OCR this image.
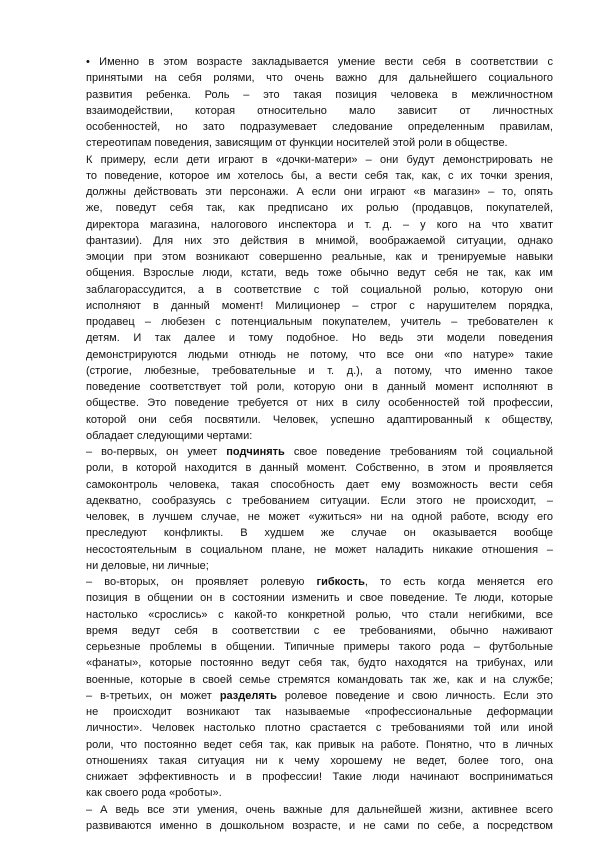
• Именно в этом возрасте закладывается умение вести себя в соответствии с
принятыми на себя ролями, что очень важно для дальнейшего социального
развития ребенка. Роль – это такая позиция человека в межличностном
взаимодействии, которая относительно мало зависит от личностных
особенностей, но зато подразумевает следование определенным правилам,
стереотипам поведения, зависящим от функции носителей этой роли в обществе.
К примеру, если дети играют в «дочки-матери» – они будут демонстрировать не
то поведение, которое им хотелось бы, а вести себя так, как, с их точки зрения,
должны действовать эти персонажи. А если они играют «в магазин» – то, опять
же, поведут себя так, как предписано их ролью (продавцов, покупателей,
директора магазина, налогового инспектора и т. д. – у кого на что хватит
фантазии). Для них это действия в мнимой, воображаемой ситуации, однако
эмоции при этом возникают совершенно реальные, как и тренируемые навыки
общения. Взрослые люди, кстати, ведь тоже обычно ведут себя не так, как им
заблагорассудится, а в соответствие с той социальной ролью, которую они
исполняют в данный момент! Милиционер – строг с нарушителем порядка,
продавец – любезен с потенциальным покупателем, учитель – требователен к
детям. И так далее и тому подобное. Но ведь эти модели поведения
демонстрируются людьми отнюдь не потому, что все они «по натуре» такие
(строгие, любезные, требовательные и т. д.), а потому, что именно такое
поведение соответствует той роли, которую они в данный момент исполняют в
обществе. Это поведение требуется от них в силу особенностей той профессии,
которой они себя посвятили. Человек, успешно адаптированный к обществу,
обладает следующими чертами:
– во-первых, он умеет подчинять свое поведение требованиям той социальной
роли, в которой находится в данный момент. Собственно, в этом и проявляется
самоконтроль человека, такая способность дает ему возможность вести себя
адекватно, сообразуясь с требованием ситуации. Если этого не происходит, –
человек, в лучшем случае, не может «ужиться» ни на одной работе, всюду его
преследуют конфликты. В худшем же случае он оказывается вообще
несостоятельным в социальном плане, не может наладить никакие отношения –
ни деловые, ни личные;
– во-вторых, он проявляет ролевую гибкость, то есть когда меняется его
позиция в общении он в состоянии изменить и свое поведение. Те люди, которые
настолько «срослись» с какой-то конкретной ролью, что стали негибкими, все
время ведут себя в соответствии с ее требованиями, обычно наживают
серьезные проблемы в общении. Типичные примеры такого рода – футбольные
«фанаты», которые постоянно ведут себя так, будто находятся на трибунах, или
военные, которые в своей семье стремятся командовать так же, как и на службе;
– в-третьих, он может разделять ролевое поведение и свою личность. Если это
не происходит возникают так называемые «профессиональные деформации
личности». Человек настолько плотно срастается с требованиями той или иной
роли, что постоянно ведет себя так, как привык на работе. Понятно, что в личных
отношениях такая ситуация ни к чему хорошему не ведет, более того, она
снижает эффективность и в профессии! Такие люди начинают восприниматься
как своего рода «роботы».
– А ведь все эти умения, очень важные для дальнейшей жизни, активнее всего
развиваются именно в дошкольном возрасте, и не сами по себе, а посредством
